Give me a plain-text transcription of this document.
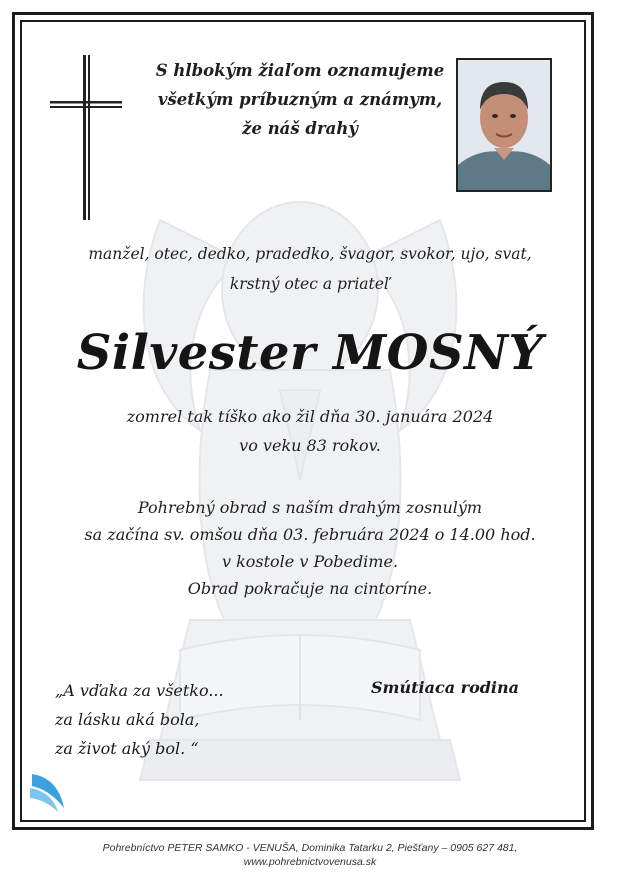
S hlbokým žiaľom oznamujeme
všetkým príbuzným a známym,
že náš drahý
manžel, otec, dedko, pradedko, švagor, svokor, ujo, svat,
krstný otec a priateľ
Silvester MOSNÝ
zomrel tak tíško ako žil dňa 30. januára 2024
vo veku 83 rokov.
Pohrebný obrad s naším drahým zosnulým
sa začína sv. omšou dňa 03. februára 2024 o 14.00 hod.
v kostole v Pobedime.
Obrad pokračuje na cintoríne.
„A vďaka za všetko...
za lásku aká bola,
za život aký bol. “
Smútiaca rodina
Pohrebníctvo PETER SAMKO - VENUŠA, Dominika Tatarku 2, Piešťany – 0905 627 481,
www.pohrebnictvovenusa.sk
